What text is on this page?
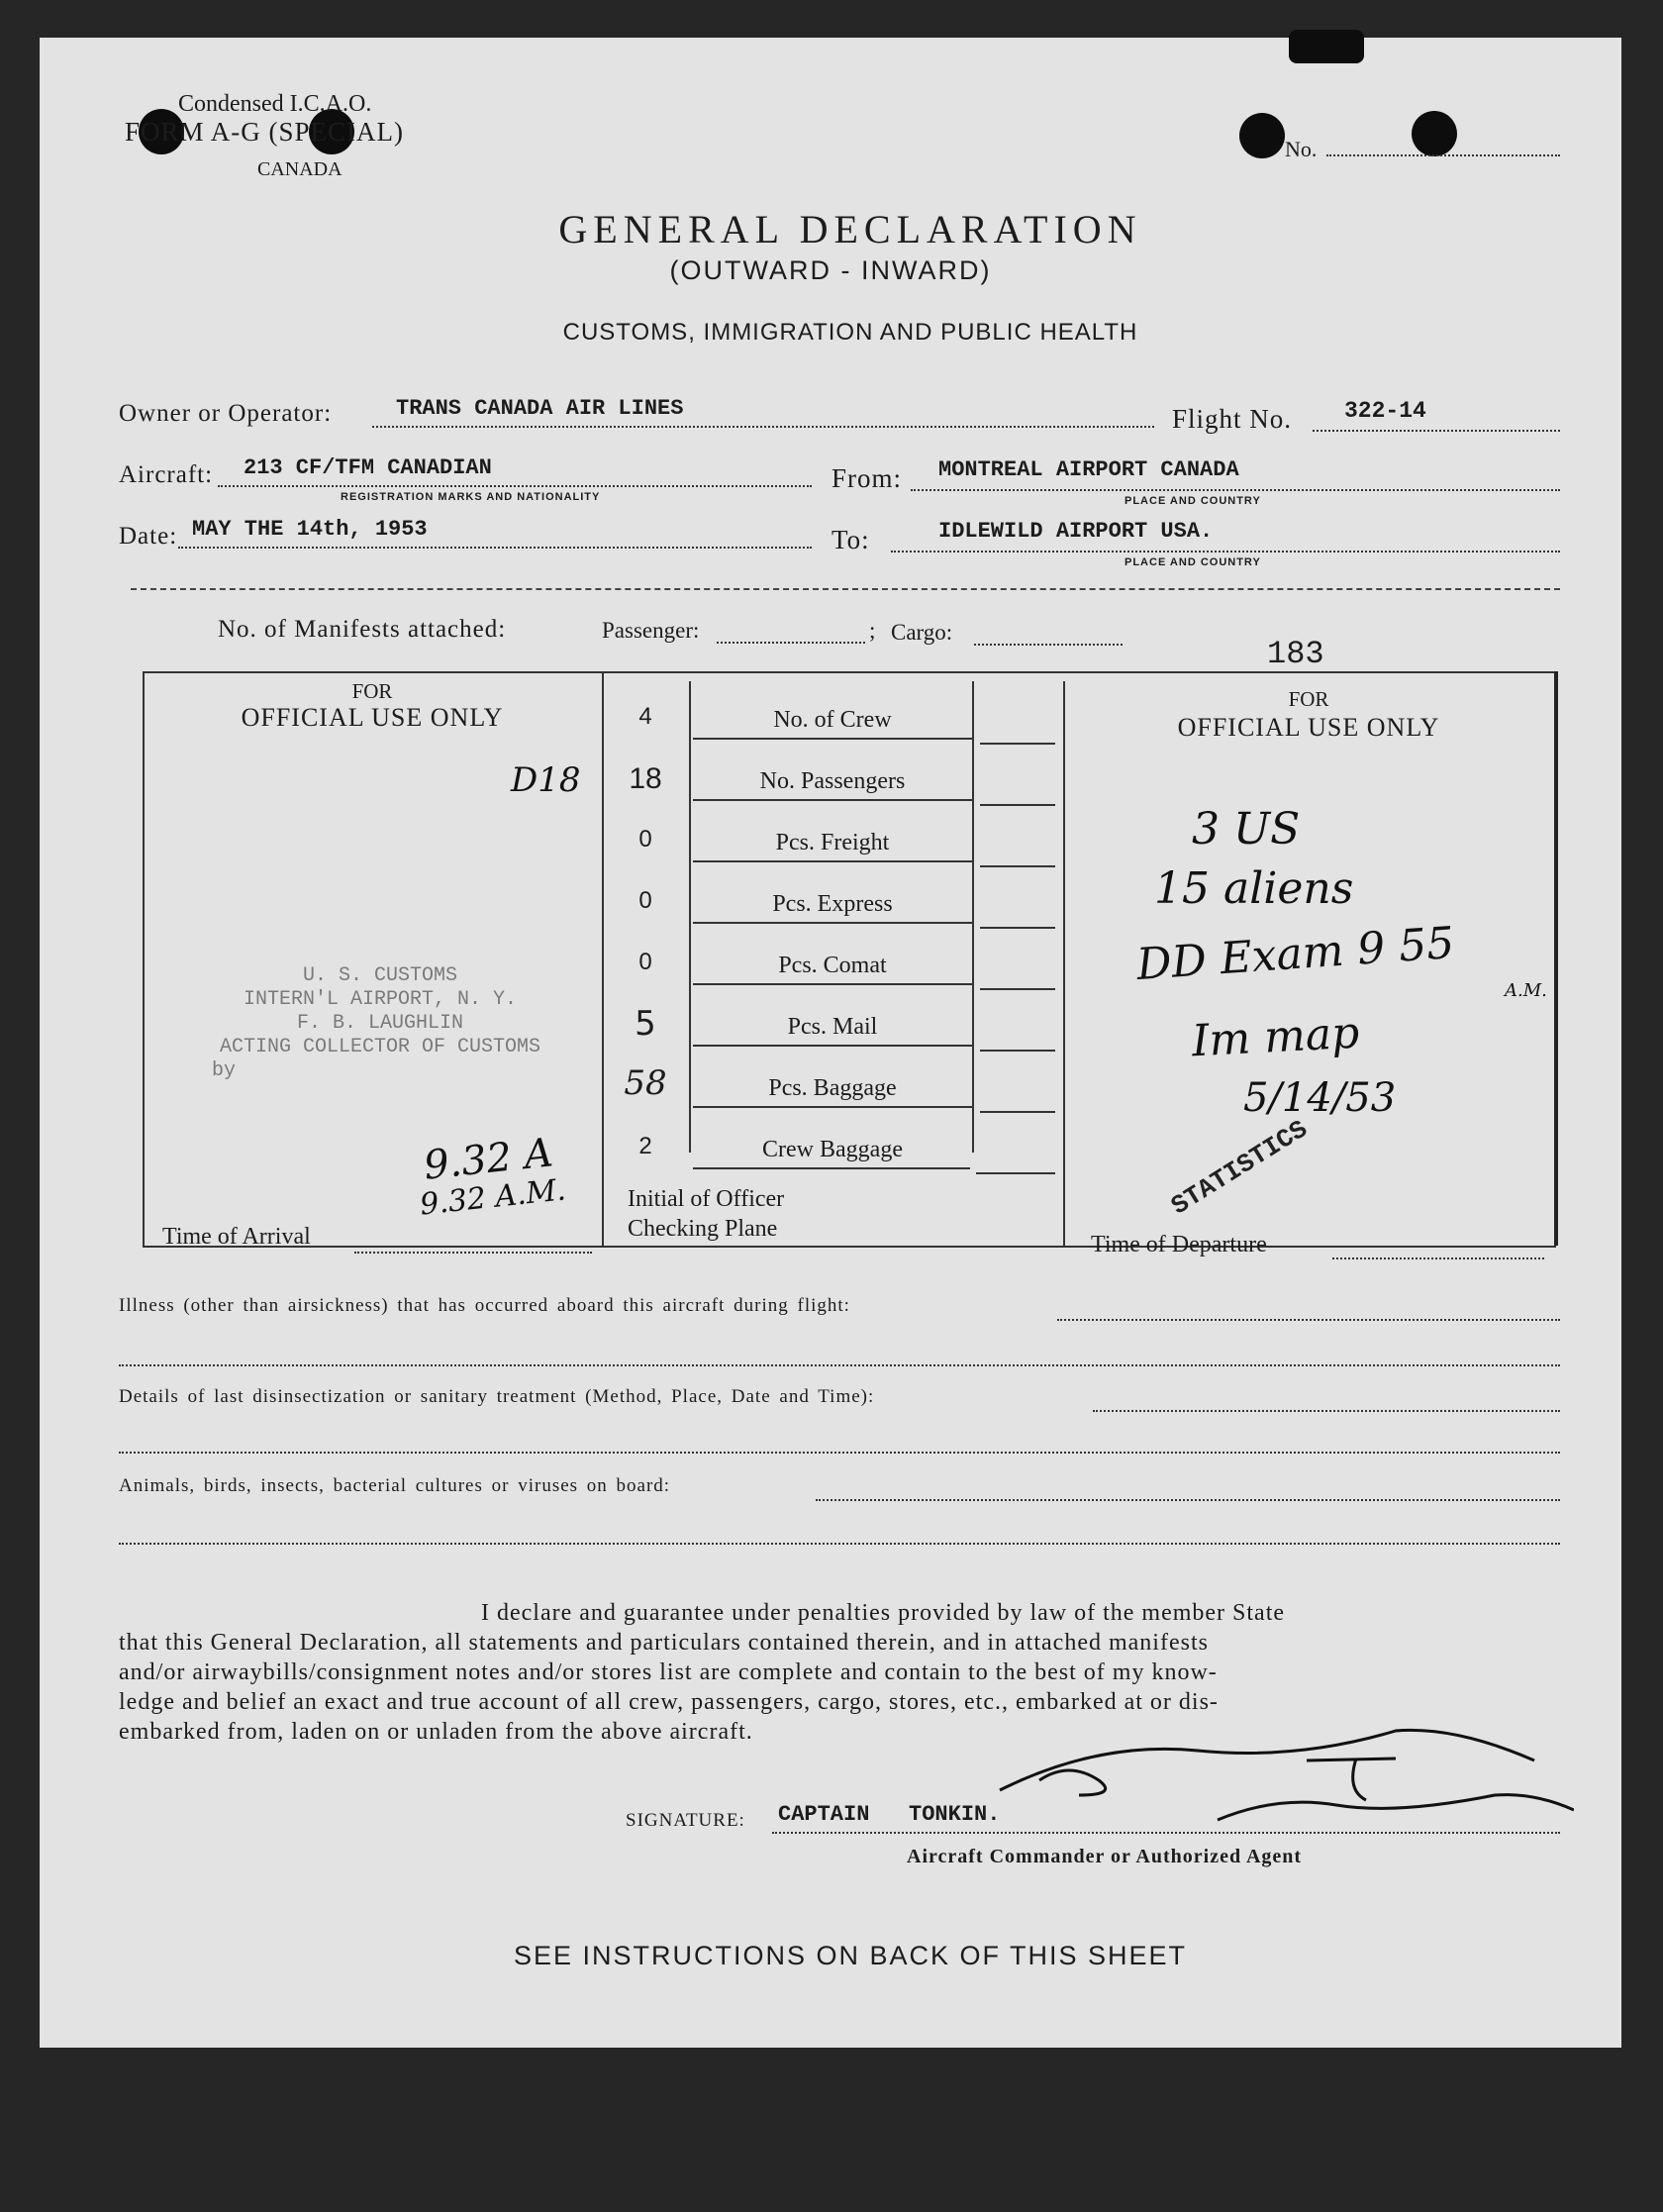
Condensed I.C.A.O.
FORM A-G (SPECIAL)
CANADA
No.
GENERAL DECLARATION
(OUTWARD - INWARD)
CUSTOMS, IMMIGRATION AND PUBLIC HEALTH
Owner or Operator:	TRANS CANADA AIR LINES	Flight No. 322-14
Aircraft: 213 CF/TFM CANADIAN
REGISTRATION MARKS AND NATIONALITY
From: MONTREAL AIRPORT CANADA
PLACE AND COUNTRY
Date: MAY THE 14th, 1953	To:	IDLEWILD AIRPORT USA.
PLACE AND COUNTRY
No. of Manifests attached:	Passenger:	; Cargo:
183
FOR
OFFICIAL USE ONLY
FOR
OFFICIAL USE ONLY
4	No. of Crew
18	No. Passengers
0	Pcs. Freight
0	Pcs. Express
0	Pcs. Comat
5	Pcs. Mail
58	Pcs. Baggage
2	Crew Baggage
Time of Arrival
Initial of Officer
Checking Plane
Time of Departure
D18
U. S. CUSTOMS
INTERN'L AIRPORT, N. Y.
F. B. LAUGHLIN
ACTING COLLECTOR OF CUSTOMS
by
9.32 A
9.32 A.M.
3 US
15 aliens
DD Exam 9 55
A.M.
Im map
5/14/53
STATISTICS
Illness (other than airsickness) that has occurred aboard this aircraft during flight:
Details of last disinsectization or sanitary treatment (Method, Place, Date and Time):
Animals, birds, insects, bacterial cultures or viruses on board:
I declare and guarantee under penalties provided by law of the member State
that this General Declaration, all statements and particulars contained therein, and in attached manifests
and/or airwaybills/consignment notes and/or stores list are complete and contain to the best of my know-
ledge and belief an exact and true account of all crew, passengers, cargo, stores, etc., embarked at or dis-
embarked from, laden on or unladen from the above aircraft.
SIGNATURE: CAPTAIN   TONKIN.
Aircraft Commander or Authorized Agent
SEE INSTRUCTIONS ON BACK OF THIS SHEET
